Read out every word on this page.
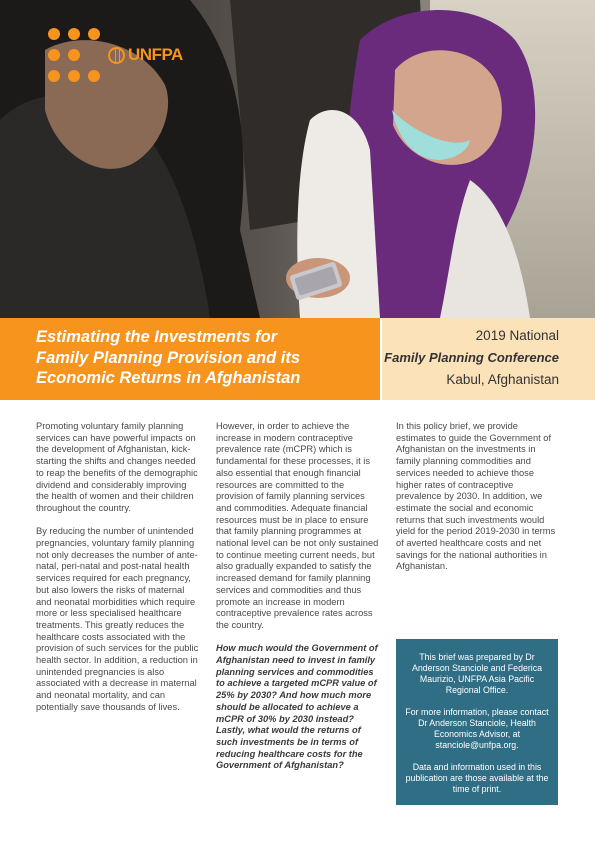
UNFPA
Estimating the Investments for
Family Planning Provision and its
Economic Returns in Afghanistan
2019 National
Family Planning Conference
Kabul, Afghanistan

Promoting voluntary family planning services can have powerful impacts on the development of Afghanistan, kick-starting the shifts and changes needed to reap the benefits of the demographic dividend and considerably improving the health of women and their children throughout the country.

By reducing the number of unintended pregnancies, voluntary family planning not only decreases the number of ante-natal, peri-natal and post-natal health services required for each pregnancy, but also lowers the risks of maternal and neonatal morbidities which require more or less specialised healthcare treatments. This greatly reduces the healthcare costs associated with the provision of such services for the public health sector. In addition, a reduction in unintended pregnancies is also associated with a decrease in maternal and neonatal mortality, and can potentially save thousands of lives.

However, in order to achieve the increase in modern contraceptive prevalence rate (mCPR) which is fundamental for these processes, it is also essential that enough financial resources are committed to the provision of family planning services and commodities. Adequate financial resources must be in place to ensure that family planning programmes at national level can be not only sustained to continue meeting current needs, but also gradually expanded to satisfy the increased demand for family planning services and commodities and thus promote an increase in modern contraceptive prevalence rates across the country.

How much would the Government of Afghanistan need to invest in family planning services and commodities to achieve a targeted mCPR value of 25% by 2030? And how much more should be allocated to achieve a mCPR of 30% by 2030 instead? Lastly, what would the returns of such investments be in terms of reducing healthcare costs for the Government of Afghanistan?

In this policy brief, we provide estimates to guide the Government of Afghanistan on the investments in family planning commodities and services needed to achieve those higher rates of contraceptive prevalence by 2030. In addition, we estimate the social and economic returns that such investments would yield for the period 2019-2030 in terms of averted healthcare costs and net savings for the national authorities in Afghanistan.

This brief was prepared by Dr Anderson Stanciole and Federica Maurizio, UNFPA Asia Pacific Regional Office.

For more information, please contact Dr Anderson Stanciole, Health Economics Advisor, at stanciole@unfpa.org.

Data and information used in this publication are those available at the time of print.
